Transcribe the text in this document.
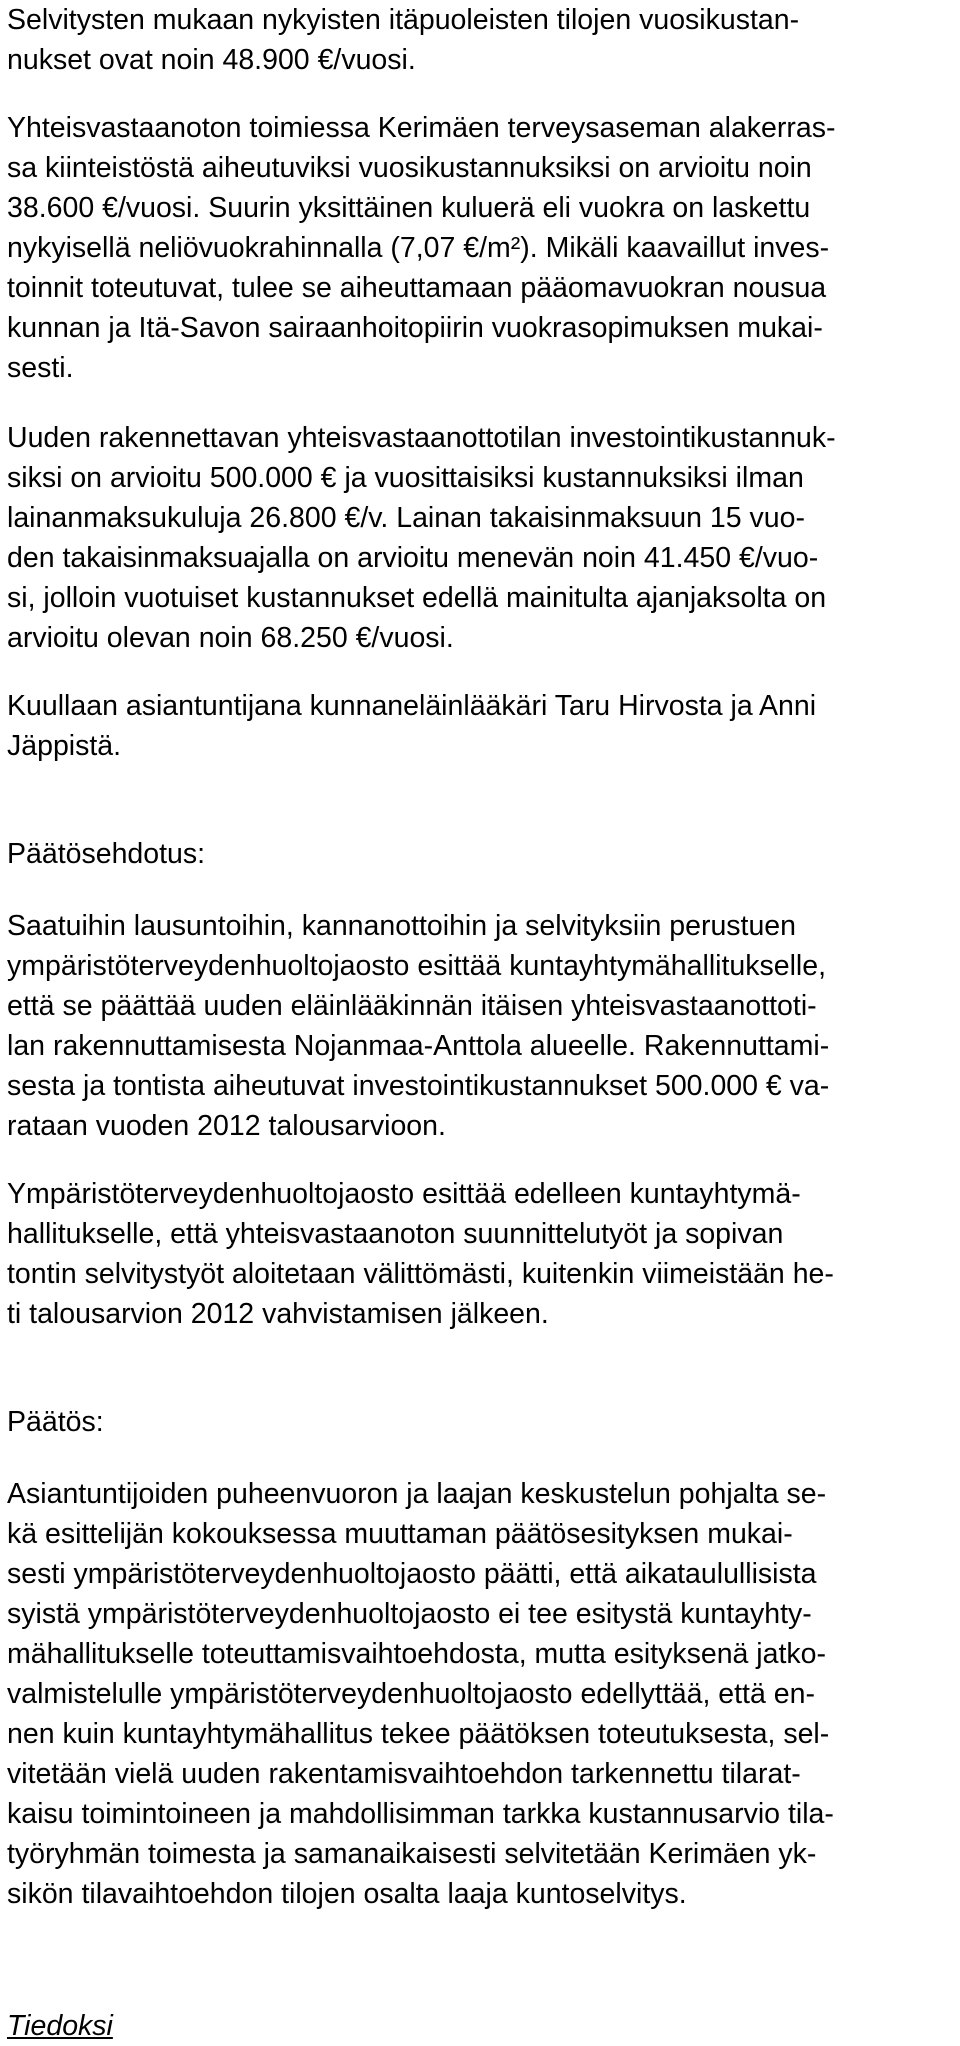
Selvitysten mukaan nykyisten itäpuoleisten tilojen vuosikustan-
nukset ovat noin 48.900 €/vuosi.
Yhteisvastaanoton toimiessa Kerimäen terveysaseman alakerras-
sa kiinteistöstä aiheutuviksi vuosikustannuksiksi on arvioitu noin
38.600 €/vuosi. Suurin yksittäinen kuluerä eli vuokra on laskettu
nykyisellä neliövuokrahinnalla (7,07 €/m²). Mikäli kaavaillut inves-
toinnit toteutuvat, tulee se aiheuttamaan pääomavuokran nousua
kunnan ja Itä-Savon sairaanhoitopiirin vuokrasopimuksen mukai-
sesti.
Uuden rakennettavan yhteisvastaanottotilan investointikustannuk-
siksi on arvioitu 500.000 € ja vuosittaisiksi kustannuksiksi ilman
lainanmaksukuluja 26.800 €/v. Lainan takaisinmaksuun 15 vuo-
den takaisinmaksuajalla on arvioitu menevän noin 41.450 €/vuo-
si, jolloin vuotuiset kustannukset edellä mainitulta ajanjaksolta on
arvioitu olevan noin 68.250 €/vuosi.
Kuullaan asiantuntijana kunnaneläinlääkäri Taru Hirvosta ja Anni
Jäppistä.
Päätösehdotus:
Saatuihin lausuntoihin, kannanottoihin ja selvityksiin perustuen
ympäristöterveydenhuoltojaosto esittää kuntayhtymähallitukselle,
että se päättää uuden eläinlääkinnän itäisen yhteisvastaanottoti-
lan rakennuttamisesta Nojanmaa-Anttola alueelle. Rakennuttami-
sesta ja tontista aiheutuvat investointikustannukset 500.000 € va-
rataan vuoden 2012 talousarvioon.
Ympäristöterveydenhuoltojaosto esittää edelleen kuntayhtymä-
hallitukselle, että yhteisvastaanoton suunnittelutyöt ja sopivan
tontin selvitystyöt aloitetaan välittömästi, kuitenkin viimeistään he-
ti talousarvion 2012 vahvistamisen jälkeen.
Päätös:
Asiantuntijoiden puheenvuoron ja laajan keskustelun pohjalta se-
kä esittelijän kokouksessa muuttaman päätösesityksen mukai-
sesti ympäristöterveydenhuoltojaosto päätti, että aikataulullisista
syistä ympäristöterveydenhuoltojaosto ei tee esitystä kuntayhty-
mähallitukselle toteuttamisvaihtoehdosta, mutta esityksenä jatko-
valmistelulle ympäristöterveydenhuoltojaosto edellyttää, että en-
nen kuin kuntayhtymähallitus tekee päätöksen toteutuksesta, sel-
vitetään vielä uuden rakentamisvaihtoehdon tarkennettu tilarat-
kaisu toimintoineen ja mahdollisimman tarkka kustannusarvio tila-
työryhmän toimesta ja samanaikaisesti selvitetään Kerimäen yk-
sikön tilavaihtoehdon tilojen osalta laaja kuntoselvitys.
Tiedoksi
